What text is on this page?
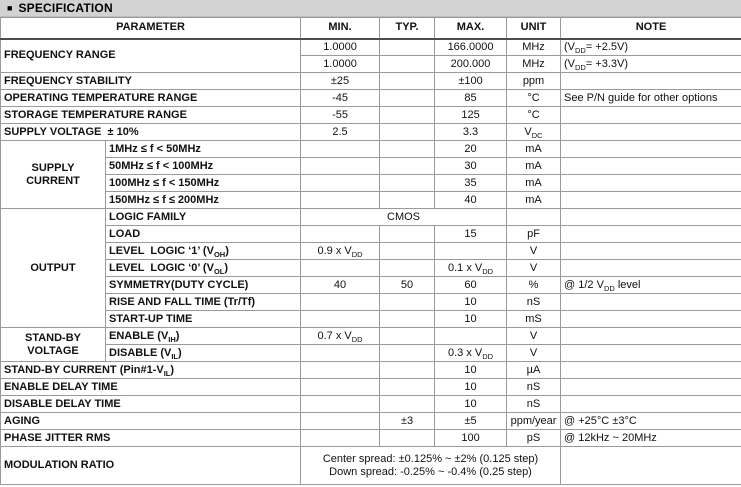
■ SPECIFICATION
PARAMETER		MIN.	TYP.	MAX.	UNIT	NOTE
FREQUENCY RANGE		1.0000		166.0000	MHz	$(V_{DD}= +2.5V)$
		1.0000		200.000	MHz	$(V_{DD}= +3.3V)$
FREQUENCY STABILITY		±25		±100	ppm	
OPERATING TEMPERATURE RANGE		-45		85	°C	See P/N guide for other options
STORAGE TEMPERATURE RANGE		-55		125	°C	
SUPPLY VOLTAGE  ± 10%		2.5		3.3	$V_{DC}$	

SUPPLY
CURRENT	1MHz ≤ f < 50MHz			20	mA	
	50MHz ≤ f < 100MHz			30	mA	
	100MHz ≤ f < 150MHz			35	mA	
	150MHz ≤ f ≤ 200MHz			40	mA	

OUTPUT	LOGIC FAMILY	CMOS				
	LOAD			15	pF	
	LEVEL  LOGIC ‘1’ $(V_{OH})$	0.9 x $V_{DD}$			V	
	LEVEL  LOGIC ‘0’ $(V_{OL})$			0.1 x $V_{DD}$	V	
	SYMMETRY(DUTY CYCLE)	40	50	60	%	@ 1/2 $V_{DD}$ level
	RISE AND FALL TIME (Tr/Tf)			10	nS	
	START-UP TIME			10	mS	

STAND-BY
VOLTAGE	ENABLE $(V_{IH})$	0.7 x $V_{DD}$			V	
	DISABLE $(V_{IL})$			0.3 x $V_{DD}$	V	
STAND-BY CURRENT $(Pin\#1-V_{IL})$				10	µA	
ENABLE DELAY TIME				10	nS	
DISABLE DELAY TIME				10	nS	
AGING			±3	±5	ppm/year	@ +25°C ±3°C
PHASE JITTER RMS				100	pS	@ 12kHz ~ 20MHz
MODULATION RATIO		Center spread: ±0.125% ~ ±2% (0.125 step)
Down spread: -0.25% ~ -0.4% (0.25 step)				
